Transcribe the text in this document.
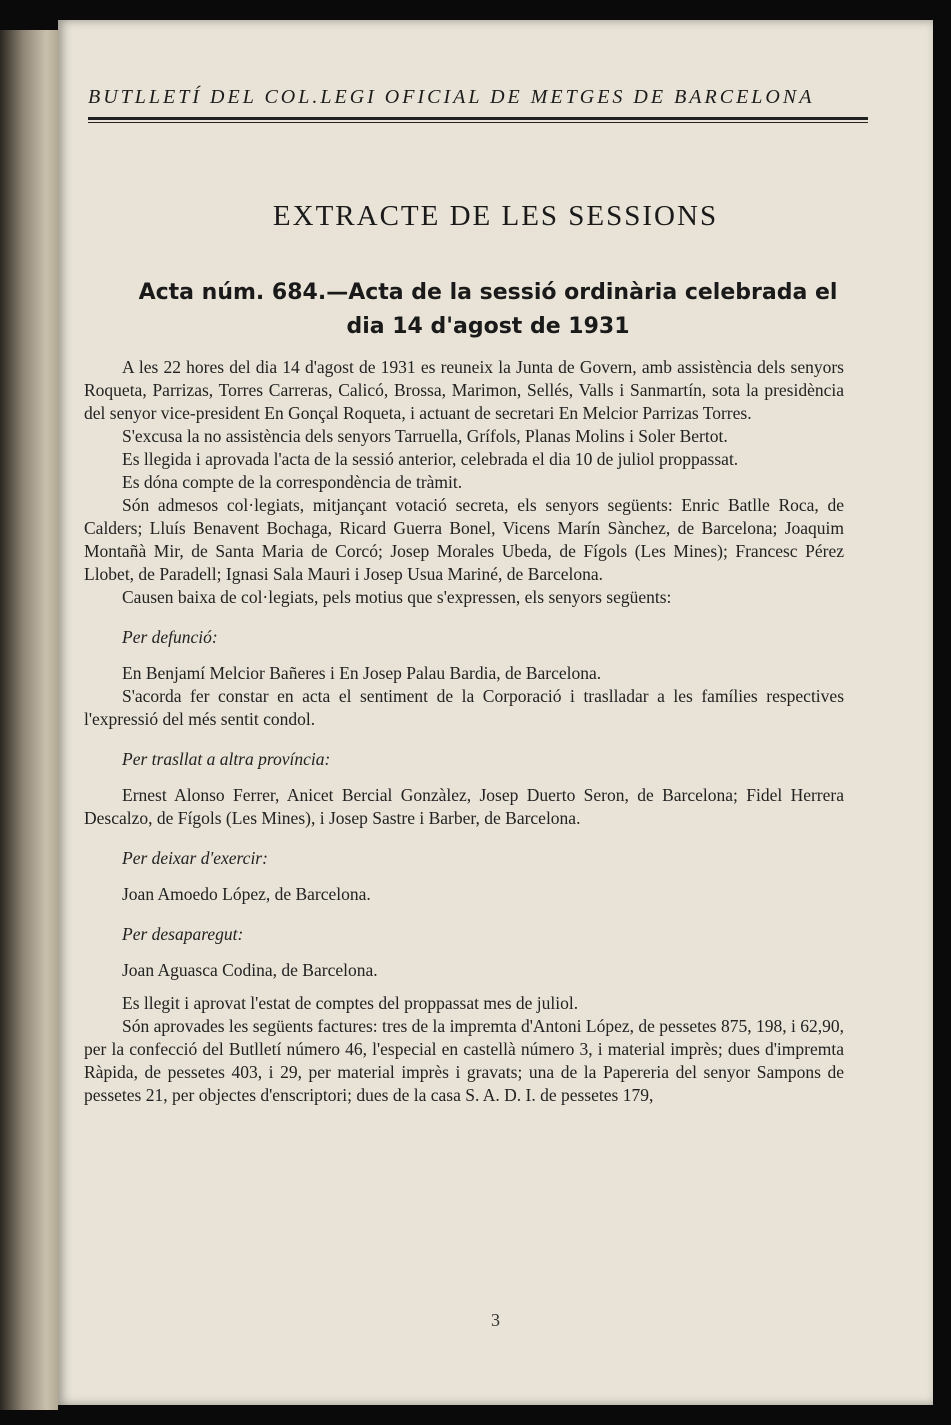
BUTLLETÍ DEL COL.LEGI OFICIAL DE METGES DE BARCELONA
EXTRACTE DE LES SESSIONS
Acta núm. 684.—Acta de la sessió ordinària celebrada el dia 14 d'agost de 1931

A les 22 hores del dia 14 d'agost de 1931 es reuneix la Junta de Govern, amb assistència dels senyors Roqueta, Parrizas, Torres Carreras, Calicó, Brossa, Marimon, Sellés, Valls i Sanmartín, sota la presidència del senyor vice-president En Gonçal Roqueta, i actuant de secretari En Melcior Parrizas Torres.

S'excusa la no assistència dels senyors Tarruella, Grífols, Planas Molins i Soler Bertot.

Es llegida i aprovada l'acta de la sessió anterior, celebrada el dia 10 de juliol proppassat.

Es dóna compte de la correspondència de tràmit.

Són admesos col·legiats, mitjançant votació secreta, els senyors següents: Enric Batlle Roca, de Calders; Lluís Benavent Bochaga, Ricard Guerra Bonel, Vicens Marín Sànchez, de Barcelona; Joaquim Montañà Mir, de Santa Maria de Corcó; Josep Morales Ubeda, de Fígols (Les Mines); Francesc Pérez Llobet, de Paradell; Ignasi Sala Mauri i Josep Usua Mariné, de Barcelona.

Causen baixa de col·legiats, pels motius que s'expressen, els senyors següents:

Per defunció:

En Benjamí Melcior Bañeres i En Josep Palau Bardia, de Barcelona.

S'acorda fer constar en acta el sentiment de la Corporació i traslladar a les famílies respectives l'expressió del més sentit condol.

Per trasllat a altra província:

Ernest Alonso Ferrer, Anicet Bercial Gonzàlez, Josep Duerto Seron, de Barcelona; Fidel Herrera Descalzo, de Fígols (Les Mines), i Josep Sastre i Barber, de Barcelona.

Per deixar d'exercir:

Joan Amoedo López, de Barcelona.

Per desaparegut:

Joan Aguasca Codina, de Barcelona.

Es llegit i aprovat l'estat de comptes del proppassat mes de juliol.

Són aprovades les següents factures: tres de la impremta d'Antoni López, de pessetes 875, 198, i 62,90, per la confecció del Butlletí número 46, l'especial en castellà número 3, i material imprès; dues d'impremta Ràpida, de pessetes 403, i 29, per material imprès i gravats; una de la Papereria del senyor Sampons de pessetes 21, per objectes d'enscriptori; dues de la casa S. A. D. I. de pessetes 179,

3
